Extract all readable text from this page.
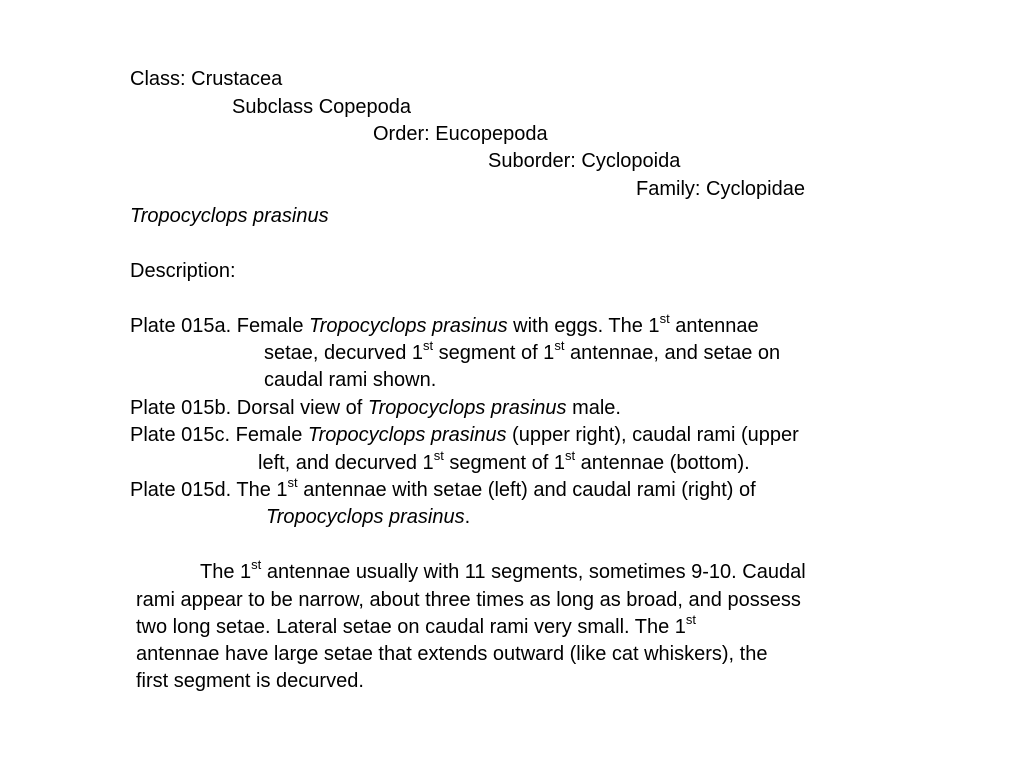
Class: Crustacea
Subclass Copepoda
Order: Eucopepoda
Suborder: Cyclopoida
Family: Cyclopidae
Tropocyclops prasinus
Description:
Plate 015a. Female Tropocyclops prasinus with eggs. The 1st antennae
setae, decurved 1st segment of 1st antennae, and setae on
caudal rami shown.
Plate 015b. Dorsal view of Tropocyclops prasinus male.
Plate 015c. Female Tropocyclops prasinus (upper right), caudal rami (upper
left, and decurved 1st segment of 1st antennae (bottom).
Plate 015d. The 1st antennae with setae (left) and caudal rami (right) of
Tropocyclops prasinus.
The 1st antennae usually with 11 segments, sometimes 9-10. Caudal
rami appear to be narrow, about three times as long as broad, and possess
two long setae. Lateral setae on caudal rami very small. The 1st
antennae have large setae that extends outward (like cat whiskers), the
first segment is decurved.
